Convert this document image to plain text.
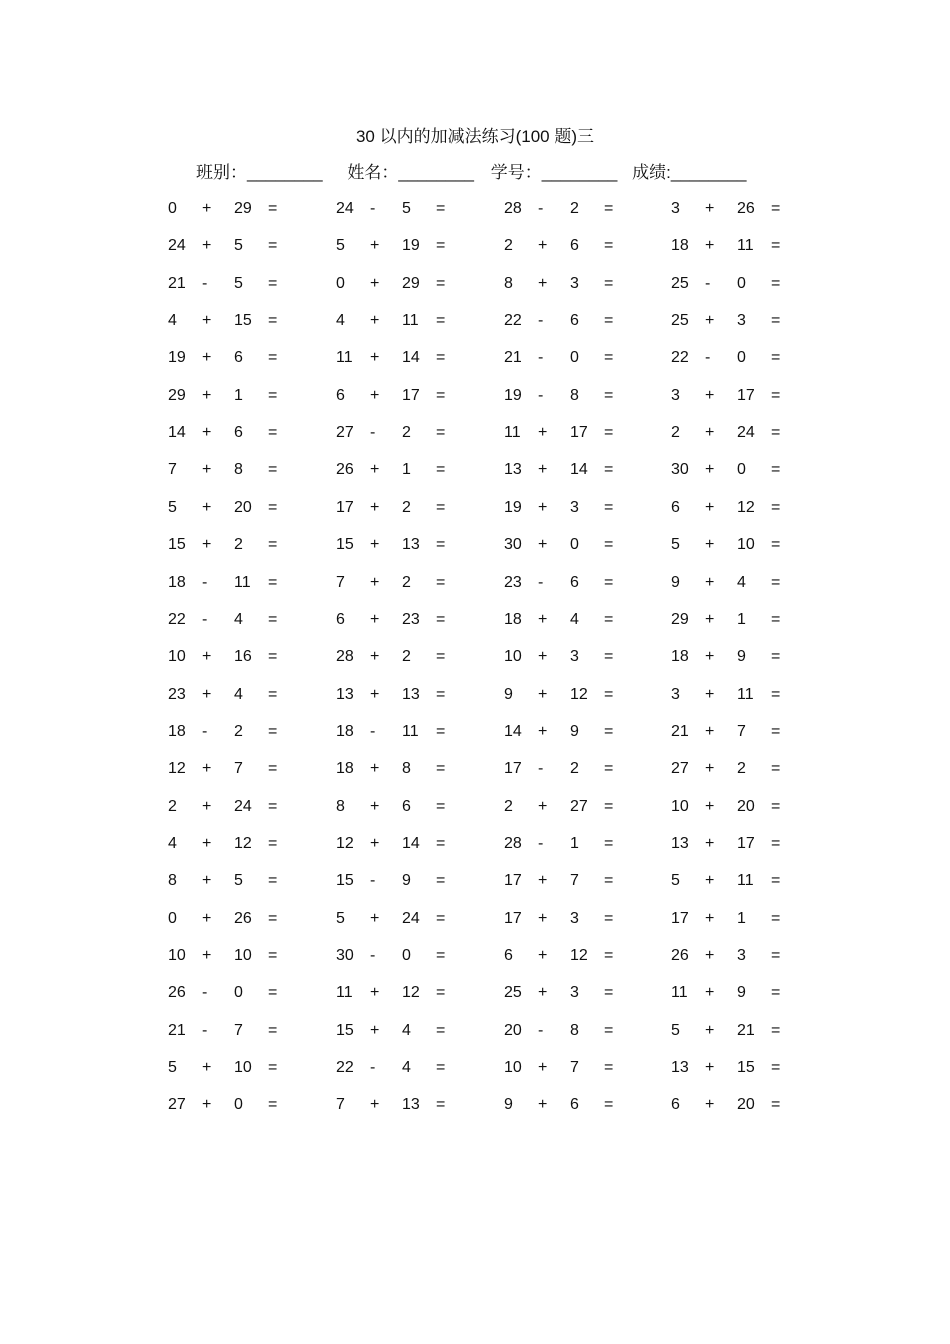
30 以内的加减法练习(100 题)三
班别：________ 姓名：________ 学号：________ 成绩:________
0 + 29 =	24 - 5 =	28 - 2 =	3 + 26 =
24 + 5 =	5 + 19 =	2 + 6 =	18 + 11 =
21 - 5 =	0 + 29 =	8 + 3 =	25 - 0 =
4 + 15 =	4 + 11 =	22 - 6 =	25 + 3 =
19 + 6 =	11 + 14 =	21 - 0 =	22 - 0 =
29 + 1 =	6 + 17 =	19 - 8 =	3 + 17 =
14 + 6 =	27 - 2 =	11 + 17 =	2 + 24 =
7 + 8 =	26 + 1 =	13 + 14 =	30 + 0 =
5 + 20 =	17 + 2 =	19 + 3 =	6 + 12 =
15 + 2 =	15 + 13 =	30 + 0 =	5 + 10 =
18 - 11 =	7 + 2 =	23 - 6 =	9 + 4 =
22 - 4 =	6 + 23 =	18 + 4 =	29 + 1 =
10 + 16 =	28 + 2 =	10 + 3 =	18 + 9 =
23 + 4 =	13 + 13 =	9 + 12 =	3 + 11 =
18 - 2 =	18 - 11 =	14 + 9 =	21 + 7 =
12 + 7 =	18 + 8 =	17 - 2 =	27 + 2 =
2 + 24 =	8 + 6 =	2 + 27 =	10 + 20 =
4 + 12 =	12 + 14 =	28 - 1 =	13 + 17 =
8 + 5 =	15 - 9 =	17 + 7 =	5 + 11 =
0 + 26 =	5 + 24 =	17 + 3 =	17 + 1 =
10 + 10 =	30 - 0 =	6 + 12 =	26 + 3 =
26 - 0 =	11 + 12 =	25 + 3 =	11 + 9 =
21 - 7 =	15 + 4 =	20 - 8 =	5 + 21 =
5 + 10 =	22 - 4 =	10 + 7 =	13 + 15 =
27 + 0 =	7 + 13 =	9 + 6 =	6 + 20 =
